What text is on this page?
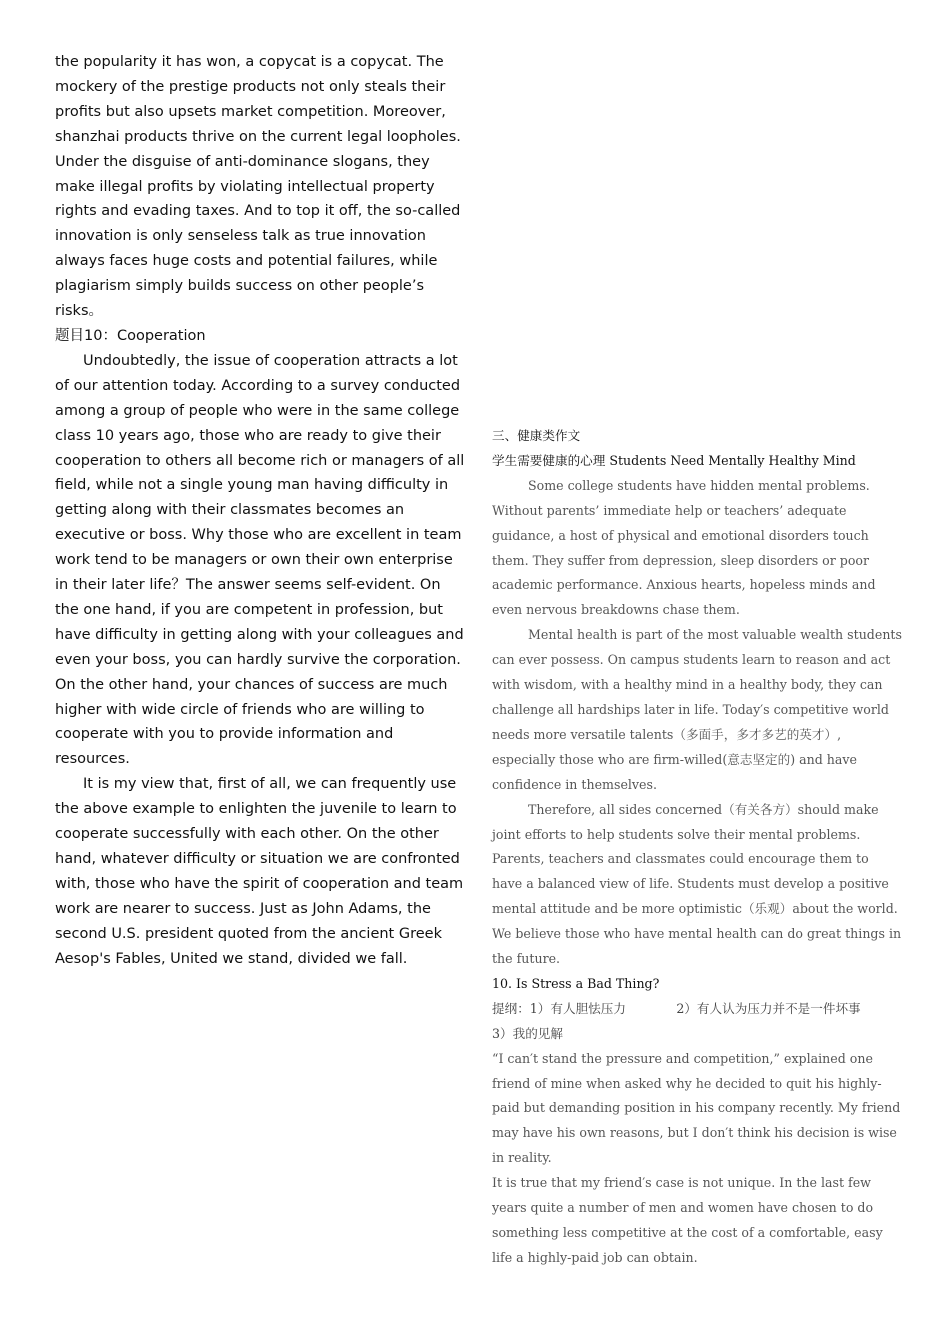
the popularity it has won, a copycat is a copycat. The mockery of the prestige products not only steals their profits but also upsets market competition. Moreover, shanzhai products thrive on the current legal loopholes. Under the disguise of anti-dominance slogans, they make illegal profits by violating intellectual property rights and evading taxes. And to top it off, the so-called innovation is only senseless talk as true innovation always faces huge costs and potential failures, while plagiarism simply builds success on other people’s risks。

题目10：Cooperation

Undoubtedly, the issue of cooperation attracts a lot of our attention today. According to a survey conducted among a group of people who were in the same college class 10 years ago, those who are ready to give their cooperation to others all become rich or managers of all field, while not a single young man having difficulty in getting along with their classmates becomes an executive or boss. Why those who are excellent in team work tend to be managers or own their own enterprise in their later life？The answer seems self-evident. On the one hand, if you are competent in profession, but have difficulty in getting along with your colleagues and even your boss, you can hardly survive the corporation. On the other hand, your chances of success are much higher with wide circle of friends who are willing to cooperate with you to provide information and resources.

It is my view that, first of all, we can frequently use the above example to enlighten the juvenile to learn to cooperate successfully with each other. On the other hand, whatever difficulty or situation we are confronted with, those who have the spirit of cooperation and team work are nearer to success. Just as John Adams, the second U.S. president quoted from the ancient Greek Aesop's Fables, United we stand, divided we fall.

三、健康类作文

学生需要健康的心理 Students Need Mentally Healthy Mind

Some college students have hidden mental problems. Without parents’ immediate help or teachers’ adequate guidance, a host of physical and emotional disorders touch them. They suffer from depression, sleep disorders or poor academic performance. Anxious hearts, hopeless minds and even nervous breakdowns chase them.

Mental health is part of the most valuable wealth students can ever possess. On campus students learn to reason and act with wisdom, with a healthy mind in a healthy body, they can challenge all hardships later in life. Today′s competitive world needs more versatile talents（多面手，多才多艺的英才）, especially those who are firm-willed(意志坚定的) and have confidence in themselves.

Therefore, all sides concerned（有关各方）should make joint efforts to help students solve their mental problems. Parents, teachers and classmates could encourage them to have a balanced view of life. Students must develop a positive mental attitude and be more optimistic（乐观）about the world. We believe those who have mental health can do great things in the future.

10. Is Stress a Bad Thing?

提纲：1）有人胆怯压力　　　　2）有人认为压力并不是一件坏事　　　　3）我的见解

“I can′t stand the pressure and competition,” explained one friend of mine when asked why he decided to quit his highly-paid but demanding position in his company recently. My friend may have his own reasons, but I don′t think his decision is wise in reality.

It is true that my friend′s case is not unique. In the last few years quite a number of men and women have chosen to do something less competitive at the cost of a comfortable, easy life a highly-paid job can obtain.
